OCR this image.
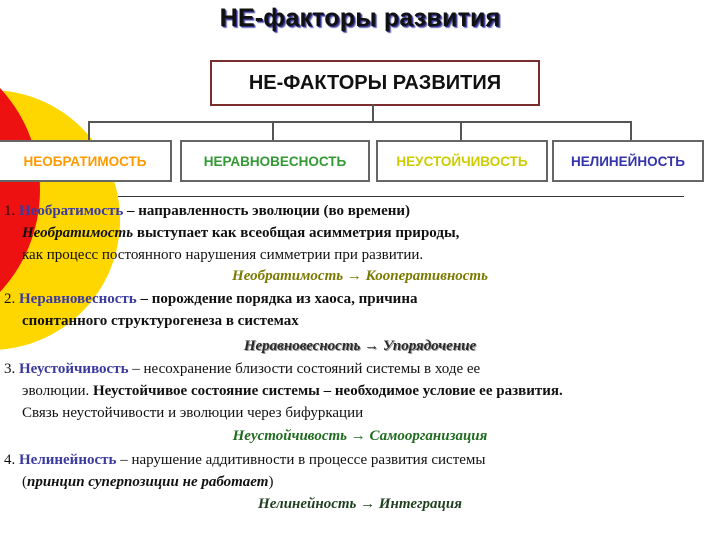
НЕ-факторы развития
НЕ-ФАКТОРЫ РАЗВИТИЯ
НЕОБРАТИМОСТЬ	НЕРАВНОВЕСНОСТЬ	НЕУСТОЙЧИВОСТЬ	НЕЛИНЕЙНОСТЬ
1. Необратимость – направленность эволюции (во времени)
Необратимость выступает как всеобщая асимметрия природы,
как процесс постоянного нарушения симметрии при развитии.
Необратимость → Кооперативность
2. Неравновесность – порождение порядка из хаоса, причина
спонтанного структурогенеза в системах
Неравновесность → Упорядочение
3. Неустойчивость – несохранение близости состояний системы в ходе ее
эволюции. Неустойчивое состояние системы – необходимое условие ее развития.
Связь неустойчивости и эволюции через бифуркации
Неустойчивость → Самоорганизация
4. Нелинейность – нарушение аддитивности в процессе развития системы
(принцип суперпозиции не работает)
Нелинейность → Интеграция
